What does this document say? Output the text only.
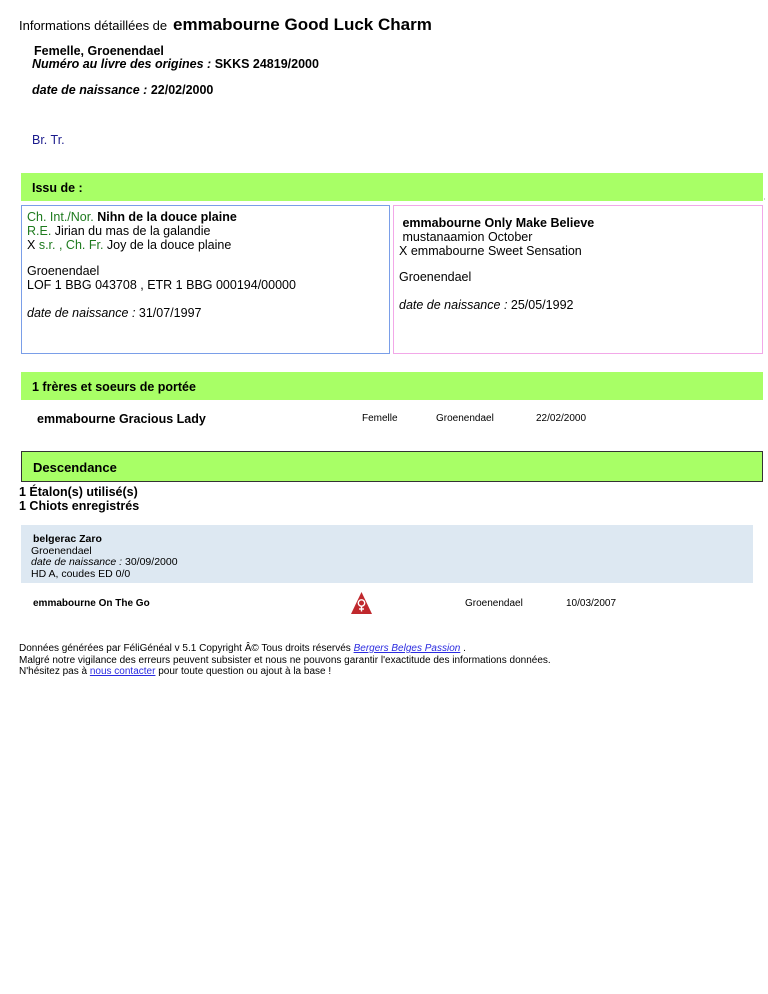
Informations détaillées de emmabourne Good Luck Charm
Femelle, Groenendael
Numéro au livre des origines : SKKS 24819/2000
date de naissance : 22/02/2000
Br. Tr.
Issu de :
Ch. Int./Nor. Nihn de la douce plaine
R.E. Jirian du mas de la galandie
X s.r. , Ch. Fr. Joy de la douce plaine
Groenendael
LOF 1 BBG 043708 , ETR 1 BBG 000194/00000
date de naissance : 31/07/1997
emmabourne Only Make Believe
mustanaamion October
X emmabourne Sweet Sensation
Groenendael
date de naissance : 25/05/1992
1 frères et soeurs de portée
emmabourne Gracious Lady	Femelle	Groenendael	22/02/2000
Descendance
1 Étalon(s) utilisé(s)
1 Chiots enregistrés
belgerac Zaro
Groenendael
date de naissance : 30/09/2000
HD A, coudes ED 0/0
emmabourne On The Go	Groenendael	10/03/2007
Données générées par FéliGénéal v 5.1 Copyright Â© Tous droits réservés Bergers Belges Passion .
Malgré notre vigilance des erreurs peuvent subsister et nous ne pouvons garantir l'exactitude des informations données.
N'hésitez pas à nous contacter pour toute question ou ajout à la base !
